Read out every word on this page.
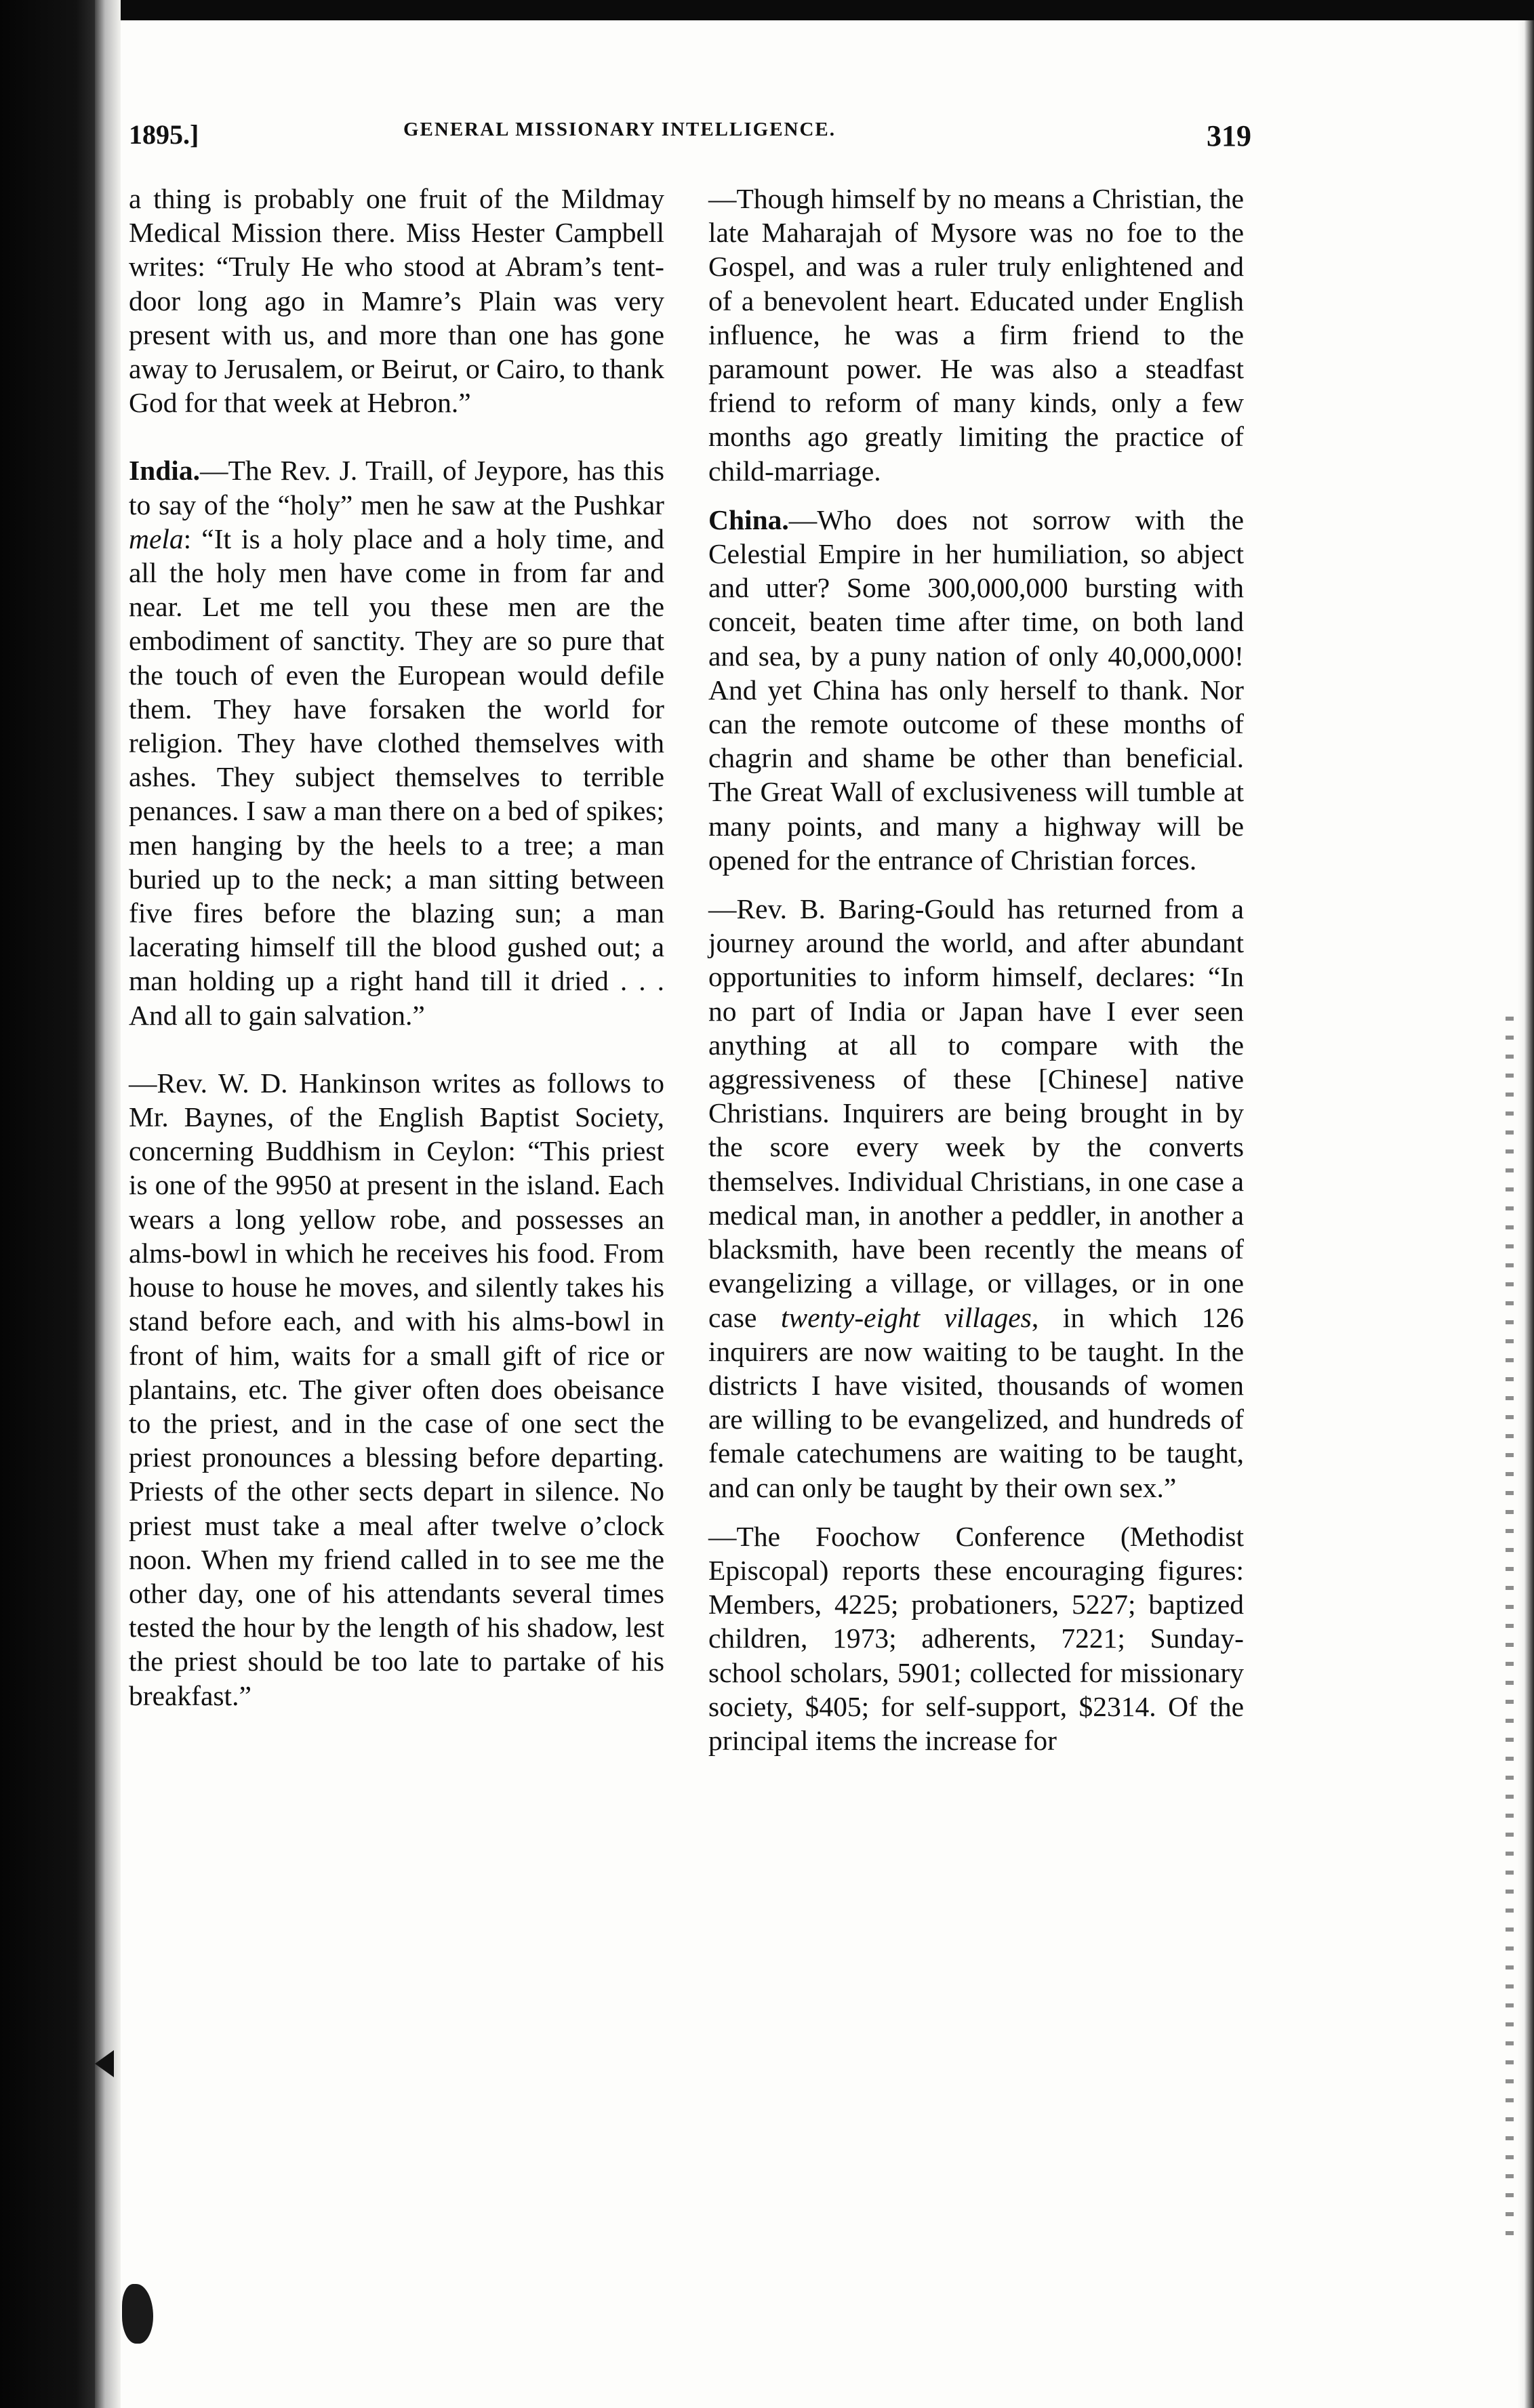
1895.]	GENERAL MISSIONARY INTELLIGENCE.	319

a thing is probably one fruit of the Mildmay Medical Mission there. Miss Hester Campbell writes: “Truly He who stood at Abram’s tent-door long ago in Mamre’s Plain was very present with us, and more than one has gone away to Jerusalem, or Beirut, or Cairo, to thank God for that week at Hebron.”

India.—The Rev. J. Traill, of Jeypore, has this to say of the “holy” men he saw at the Pushkar mela: “It is a holy place and a holy time, and all the holy men have come in from far and near. Let me tell you these men are the embodiment of sanctity. They are so pure that the touch of even the European would defile them. They have forsaken the world for religion. They have clothed themselves with ashes. They subject themselves to terrible penances. I saw a man there on a bed of spikes; men hanging by the heels to a tree; a man buried up to the neck; a man sitting between five fires before the blazing sun; a man lacerating himself till the blood gushed out; a man holding up a right hand till it dried . . . And all to gain salvation.”

—Rev. W. D. Hankinson writes as follows to Mr. Baynes, of the English Baptist Society, concerning Buddhism in Ceylon: “This priest is one of the 9950 at present in the island. Each wears a long yellow robe, and possesses an alms-bowl in which he receives his food. From house to house he moves, and silently takes his stand before each, and with his alms-bowl in front of him, waits for a small gift of rice or plantains, etc. The giver often does obeisance to the priest, and in the case of one sect the priest pronounces a blessing before departing. Priests of the other sects depart in silence. No priest must take a meal after twelve o’clock noon. When my friend called in to see me the other day, one of his attendants several times tested the hour by the length of his shadow, lest the priest should be too late to partake of his breakfast.”

—Though himself by no means a Christian, the late Maharajah of Mysore was no foe to the Gospel, and was a ruler truly enlightened and of a benevolent heart. Educated under English influence, he was a firm friend to the paramount power. He was also a steadfast friend to reform of many kinds, only a few months ago greatly limiting the practice of child-marriage.

China.—Who does not sorrow with the Celestial Empire in her humiliation, so abject and utter? Some 300,000,000 bursting with conceit, beaten time after time, on both land and sea, by a puny nation of only 40,000,000! And yet China has only herself to thank. Nor can the remote outcome of these months of chagrin and shame be other than beneficial. The Great Wall of exclusiveness will tumble at many points, and many a highway will be opened for the entrance of Christian forces.

—Rev. B. Baring-Gould has returned from a journey around the world, and after abundant opportunities to inform himself, declares: “In no part of India or Japan have I ever seen anything at all to compare with the aggressiveness of these [Chinese] native Christians. Inquirers are being brought in by the score every week by the converts themselves. Individual Christians, in one case a medical man, in another a peddler, in another a blacksmith, have been recently the means of evangelizing a village, or villages, or in one case twenty-eight villages, in which 126 inquirers are now waiting to be taught. In the districts I have visited, thousands of women are willing to be evangelized, and hundreds of female catechumens are waiting to be taught, and can only be taught by their own sex.”

—The Foochow Conference (Methodist Episcopal) reports these encouraging figures: Members, 4225; probationers, 5227; baptized children, 1973; adherents, 7221; Sunday-school scholars, 5901; collected for missionary society, $405; for self-support, $2314. Of the principal items the increase for
